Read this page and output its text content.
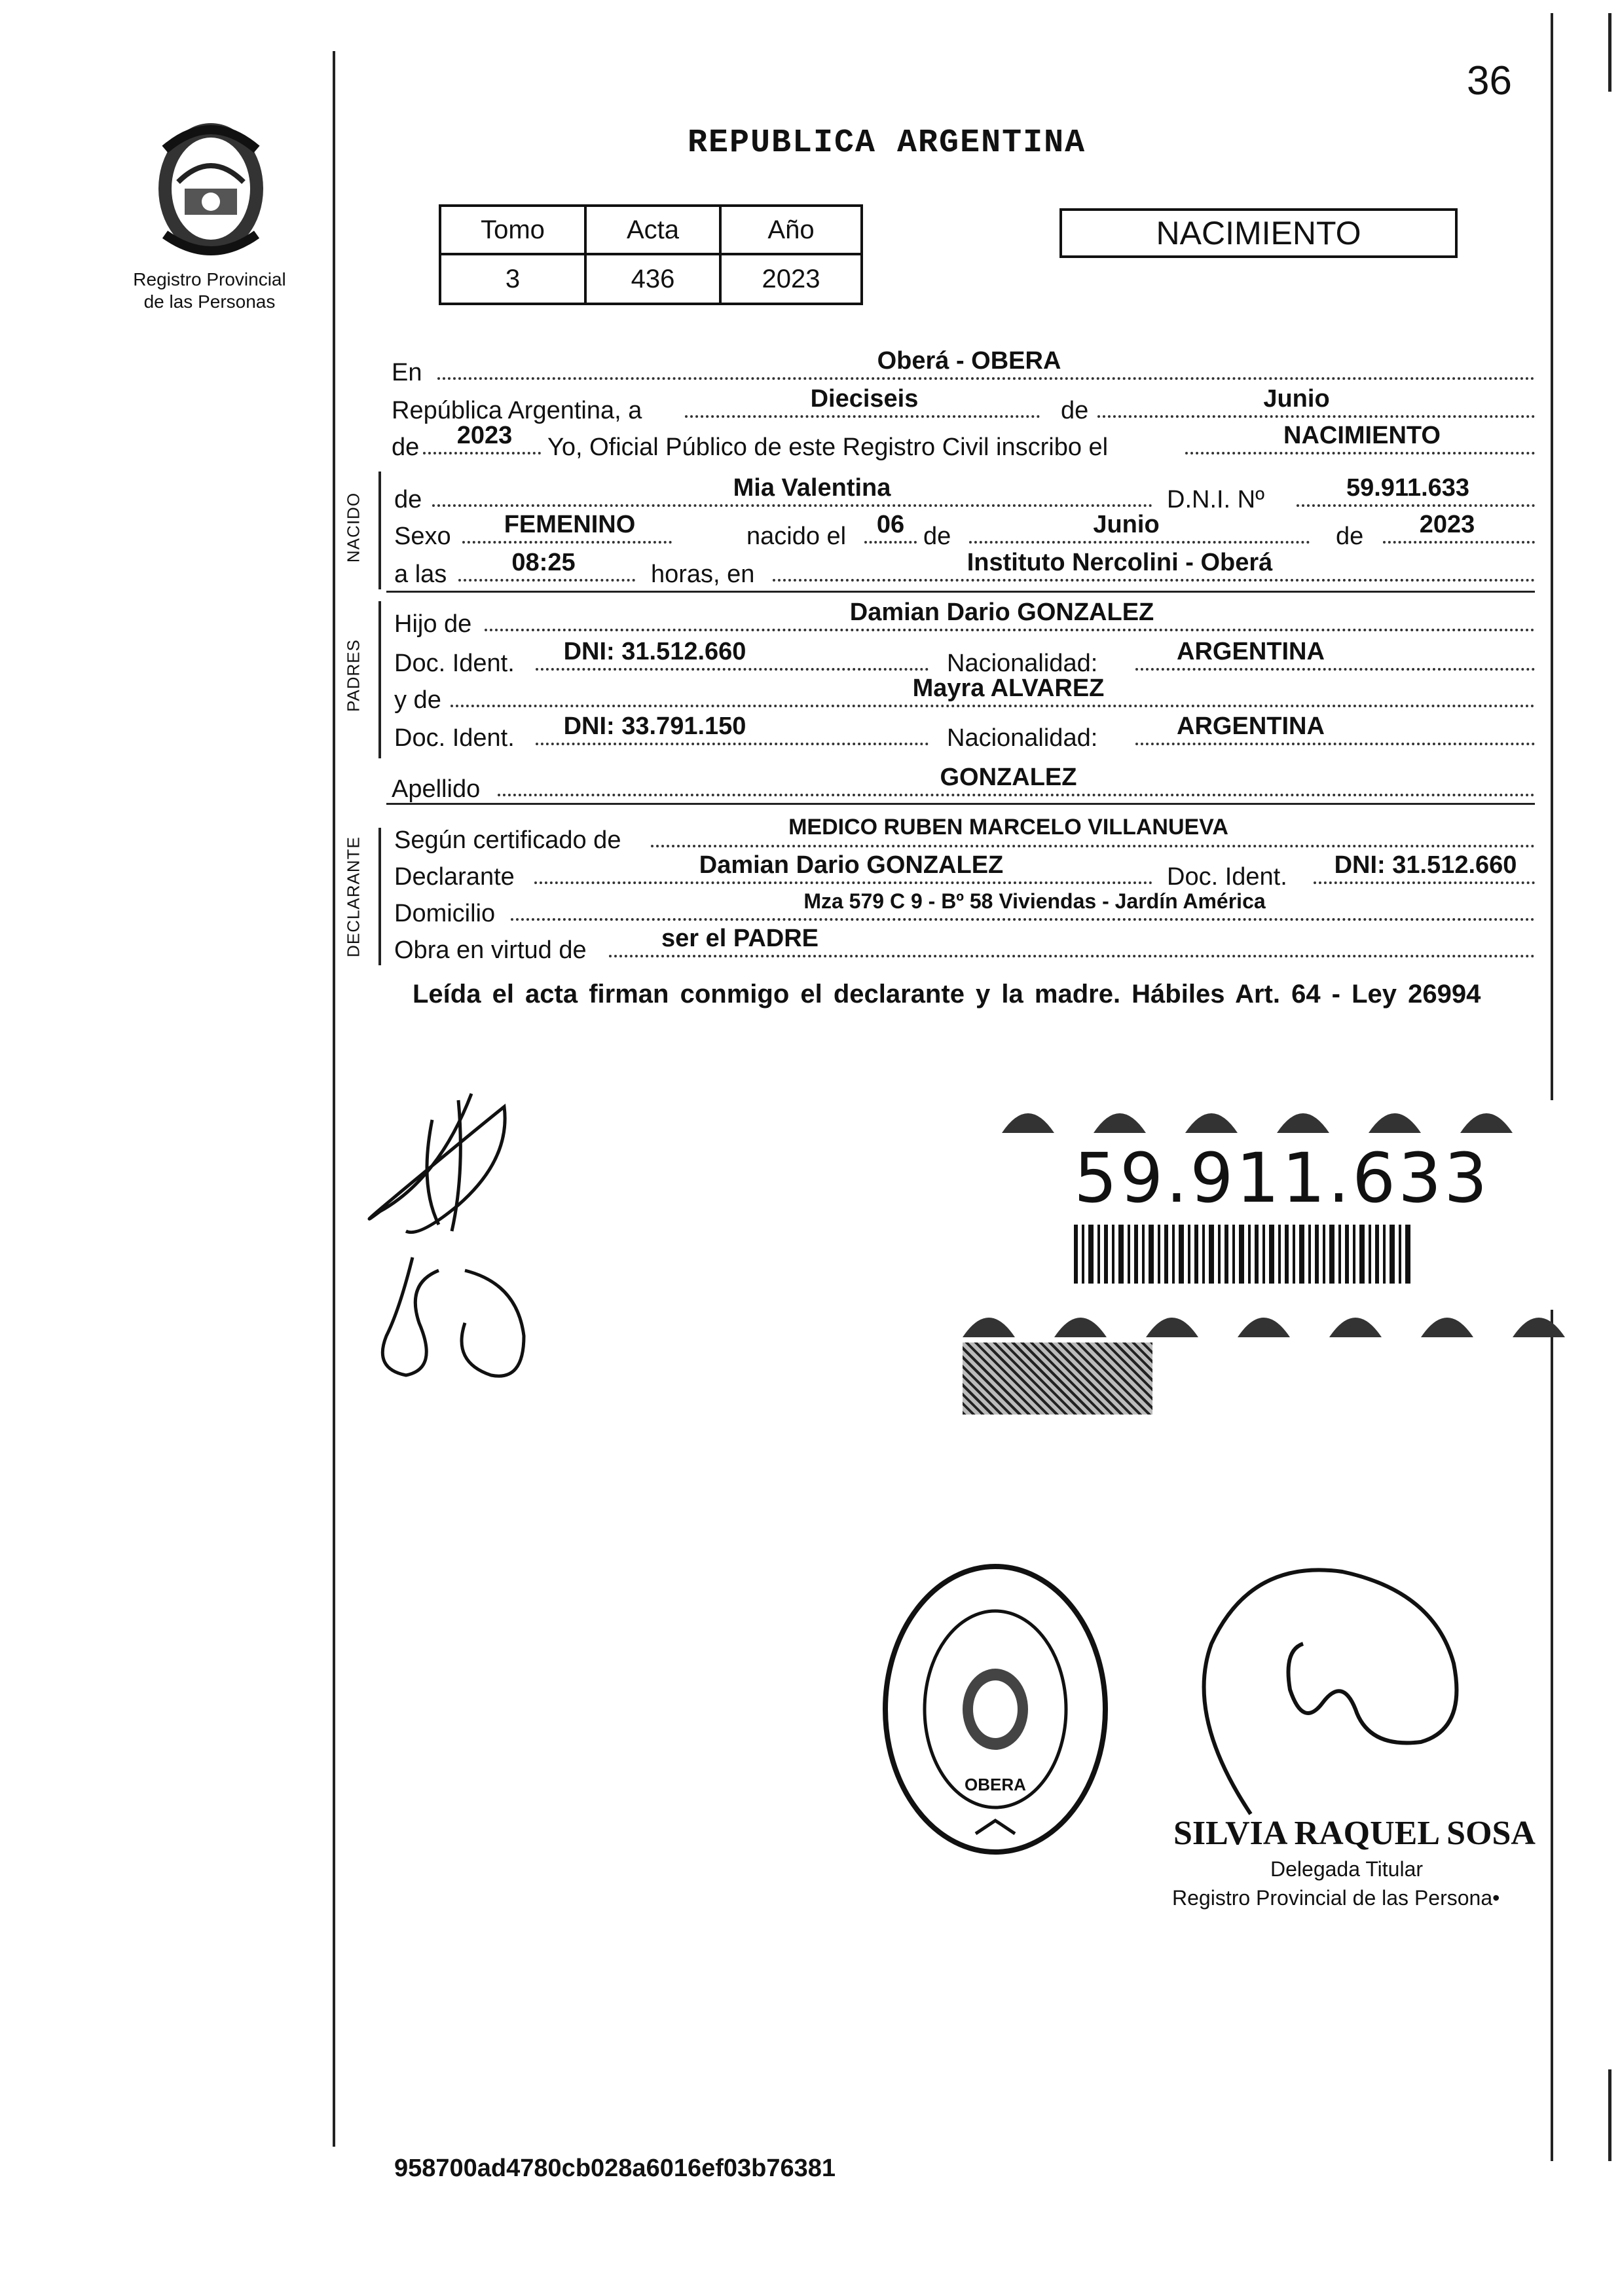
36
Registro Provincial
de las Personas
REPUBLICA ARGENTINA
Tomo	Acta	Año
3	436	2023
NACIMIENTO
En	Oberá - OBERA
República Argentina, a	Dieciseis	de	Junio
de	2023	Yo, Oficial Público de este Registro Civil inscribo el	NACIMIENTO
NACIDO de	Mia Valentina	D.N.I. Nº	59.911.633
Sexo	FEMENINO	nacido el	06 de	Junio	de	2023
a las	08:25	horas, en	Instituto Nercolini - Oberá
PADRES
Hijo de	Damian Dario GONZALEZ
Doc. Ident.	DNI: 31.512.660	Nacionalidad:	ARGENTINA
y de	Mayra ALVAREZ
Doc. Ident.	DNI: 33.791.150	Nacionalidad:	ARGENTINA
Apellido	GONZALEZ
DECLARANTE Según certificado de	MEDICO RUBEN MARCELO VILLANUEVA
Declarante	Damian Dario GONZALEZ	Doc. Ident.	DNI: 31.512.660
Domicilio	Mza 579 C 9 - Bº 58 Viviendas - Jardín América
Obra en virtud de	ser el PADRE
Leída el acta firman conmigo el declarante y la madre. Hábiles Art. 64 - Ley 26994
59.911.633
OBERA
SILVIA RAQUEL SOSA
Delegada Titular
Registro Provincial de las Persona•
958700ad4780cb028a6016ef03b76381
